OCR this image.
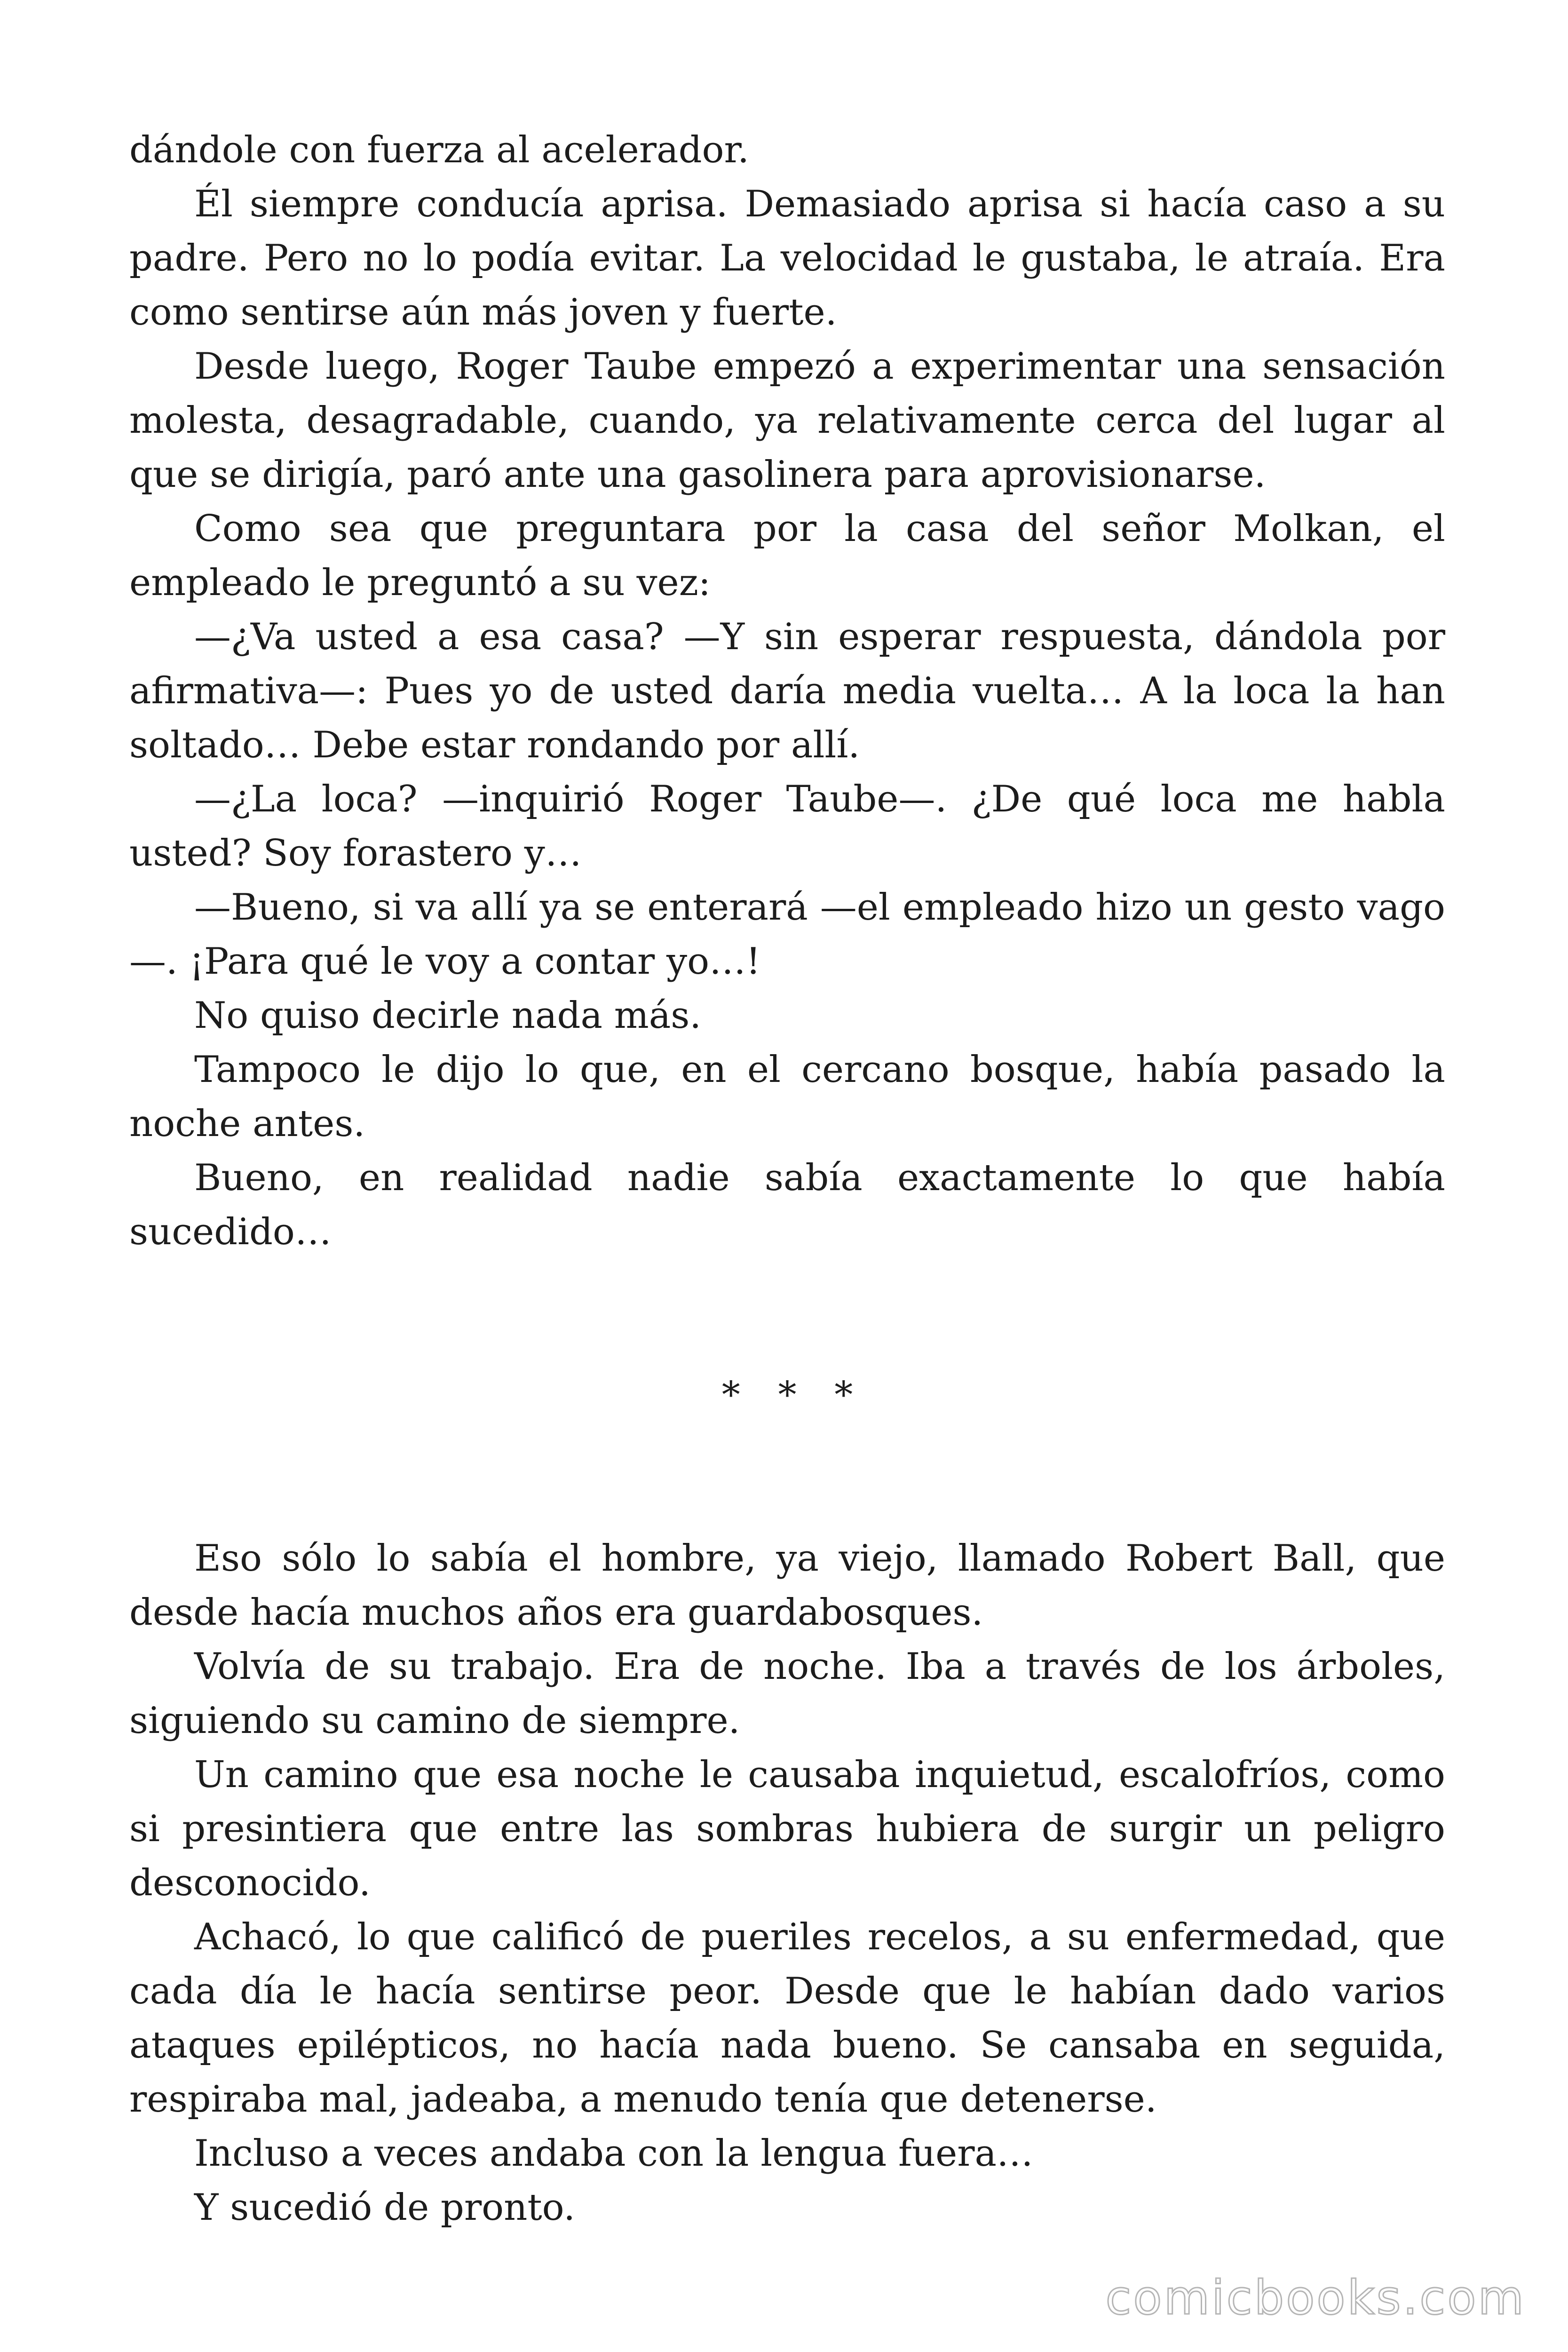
dándole con fuerza al acelerador.

Él siempre conducía aprisa. Demasiado aprisa si hacía caso a su padre. Pero no lo podía evitar. La velocidad le gustaba, le atraía. Era como sentirse aún más joven y fuerte.

Desde luego, Roger Taube empezó a experimentar una sensación molesta, desagradable, cuando, ya relativamente cerca del lugar al que se dirigía, paró ante una gasolinera para aprovisionarse.

Como sea que preguntara por la casa del señor Molkan, el empleado le preguntó a su vez:

—¿Va usted a esa casa? —Y sin esperar respuesta, dándola por afirmativa—: Pues yo de usted daría media vuelta… A la loca la han soltado… Debe estar rondando por allí.

—¿La loca? —inquirió Roger Taube—. ¿De qué loca me habla usted? Soy forastero y…

—Bueno, si va allí ya se enterará —el empleado hizo un gesto vago—. ¡Para qué le voy a contar yo…!

No quiso decirle nada más.

Tampoco le dijo lo que, en el cercano bosque, había pasado la noche antes.

Bueno, en realidad nadie sabía exactamente lo que había sucedido…

* * *

Eso sólo lo sabía el hombre, ya viejo, llamado Robert Ball, que desde hacía muchos años era guardabosques.

Volvía de su trabajo. Era de noche. Iba a través de los árboles, siguiendo su camino de siempre.

Un camino que esa noche le causaba inquietud, escalofríos, como si presintiera que entre las sombras hubiera de surgir un peligro desconocido.

Achacó, lo que calificó de pueriles recelos, a su enfermedad, que cada día le hacía sentirse peor. Desde que le habían dado varios ataques epilépticos, no hacía nada bueno. Se cansaba en seguida, respiraba mal, jadeaba, a menudo tenía que detenerse.

Incluso a veces andaba con la lengua fuera…

Y sucedió de pronto.

comicbooks.com
